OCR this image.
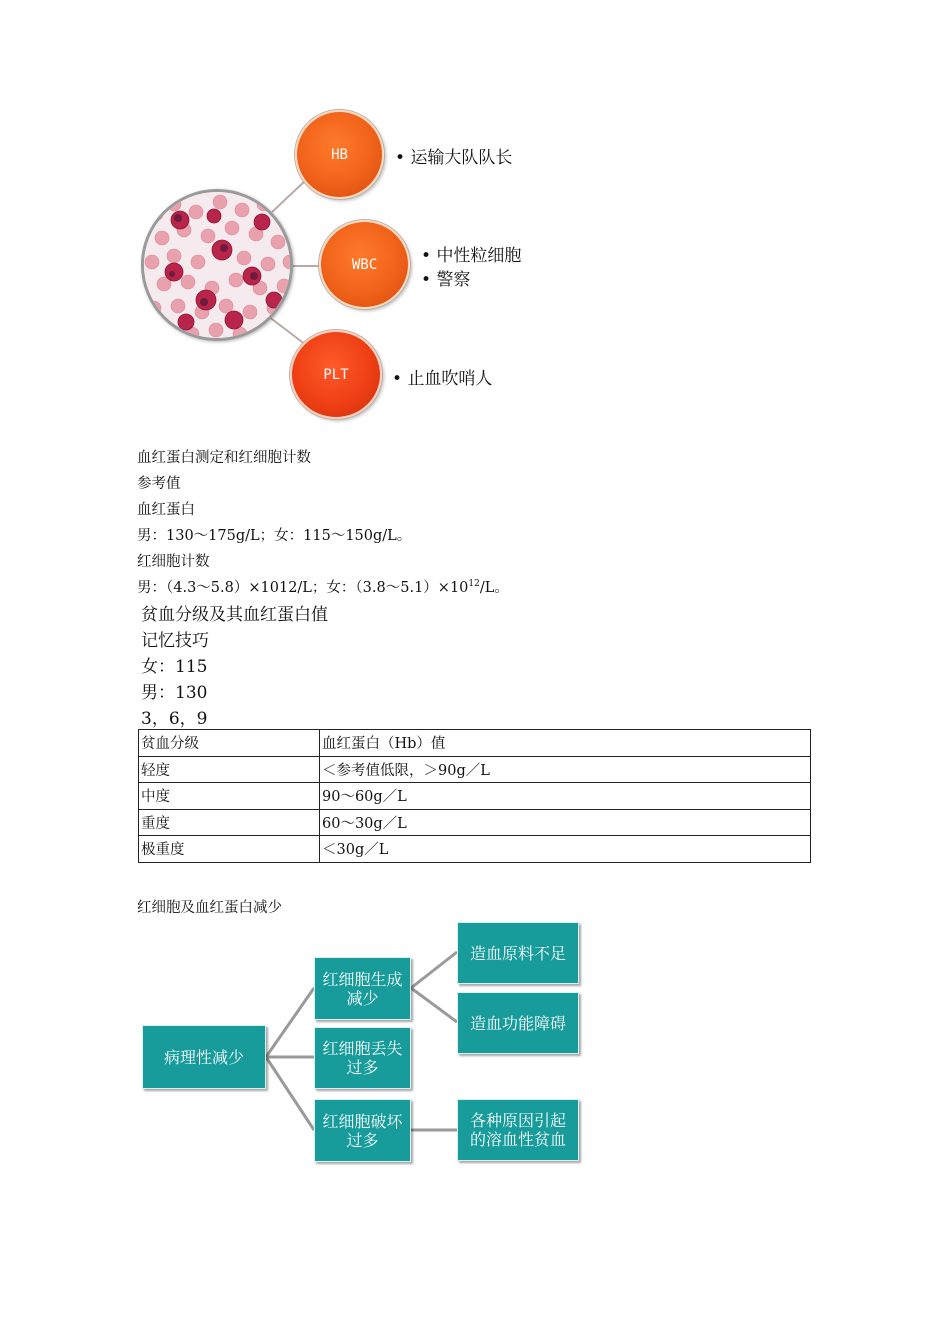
HB
WBC
PLT
• 运输大队队长
• 中性粒细胞
• 警察
• 止血吹哨人
血红蛋白测定和红细胞计数
参考值
血红蛋白
男：130～175g/L；女：115～150g/L。
红细胞计数
男：（4.3～5.8）×1012/L；女：$(3.8\sim 5.1)\times 10^{12}/L$。
贫血分级及其血红蛋白值
记忆技巧
女：115
男：130
3，6，9
贫血分级	血红蛋白（Hb）值
轻度	＜参考值低限，＞90g／L
中度	90～60g／L
重度	60～30g／L
极重度	＜30g／L
红细胞及血红蛋白减少
病理性减少
红细胞生成
减少
红细胞丢失
过多
红细胞破坏
过多
造血原料不足
造血功能障碍
各种原因引起
的溶血性贫血
